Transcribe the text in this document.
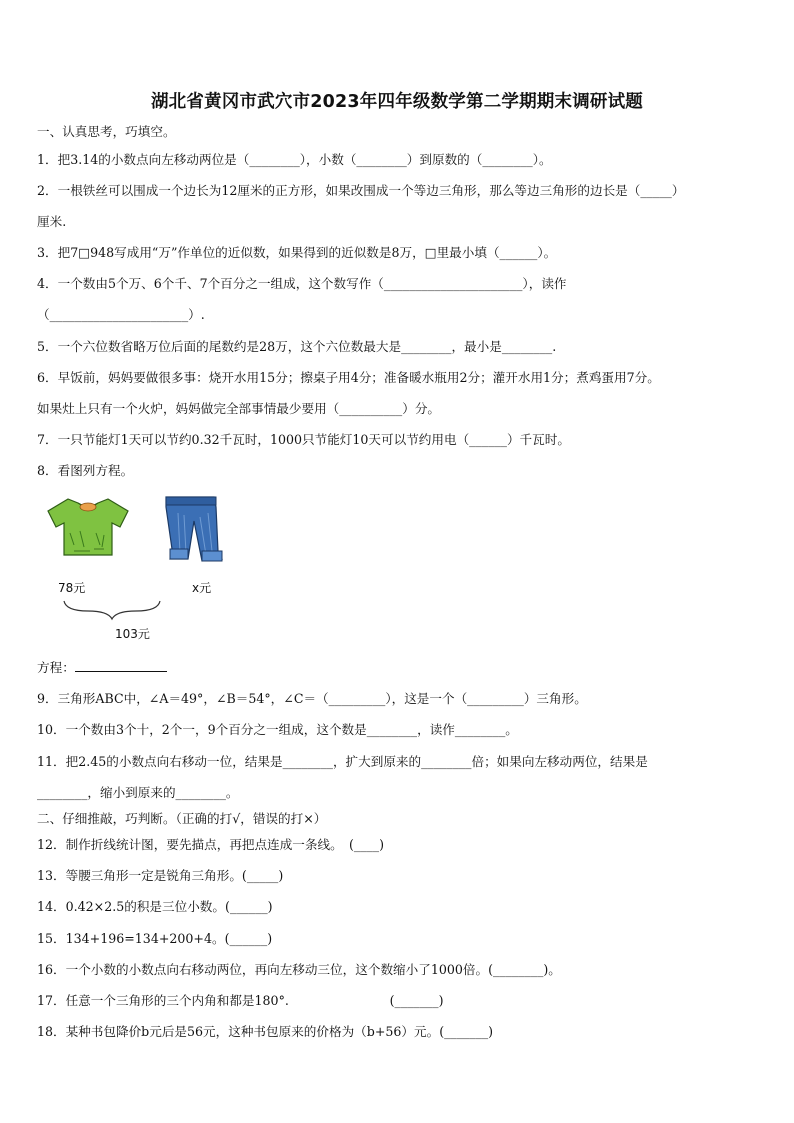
湖北省黄冈市武穴市2023年四年级数学第二学期期末调研试题
一、认真思考，巧填空。
1．把3.14的小数点向左移动两位是（________），小数（________）到原数的（________）。
2．一根铁丝可以围成一个边长为12厘米的正方形，如果改围成一个等边三角形，那么等边三角形的边长是（_____）
厘米.
3．把7□948写成用“万”作单位的近似数，如果得到的近似数是8万，□里最小填（______）。
4．一个数由5个万、6个千、7个百分之一组成，这个数写作（______________________），读作
（______________________）.
5．一个六位数省略万位后面的尾数约是28万，这个六位数最大是________，最小是________.
6．早饭前，妈妈要做很多事：烧开水用15分；擦桌子用4分；准备暖水瓶用2分；灌开水用1分；煮鸡蛋用7分。
如果灶上只有一个火炉，妈妈做完全部事情最少要用（__________）分。
7．一只节能灯1天可以节约0.32千瓦时，1000只节能灯10天可以节约用电（______）千瓦时。
8．看图列方程。
78元	x元
103元
方程：
9．三角形ABC中，∠A＝49°，∠B＝54°，∠C＝（_________），这是一个（_________）三角形。
10．一个数由3个十，2个一，9个百分之一组成，这个数是________，读作________。
11．把2.45的小数点向右移动一位，结果是________，扩大到原来的________倍；如果向左移动两位，结果是
________，缩小到原来的________。
二、仔细推敲，巧判断。（正确的打√，错误的打×）
12．制作折线统计图，要先描点，再把点连成一条线。　(____)
13．等腰三角形一定是锐角三角形。(_____)
14．0.42×2.5的积是三位小数。(______)
15．134+196=134+200+4。(______)
16．一个小数的小数点向右移动两位，再向左移动三位，这个数缩小了1000倍。(________)。
17．任意一个三角形的三个内角和都是180°.　　　　　　　　(_______)
18．某种书包降价b元后是56元，这种书包原来的价格为（b+56）元。(_______)
